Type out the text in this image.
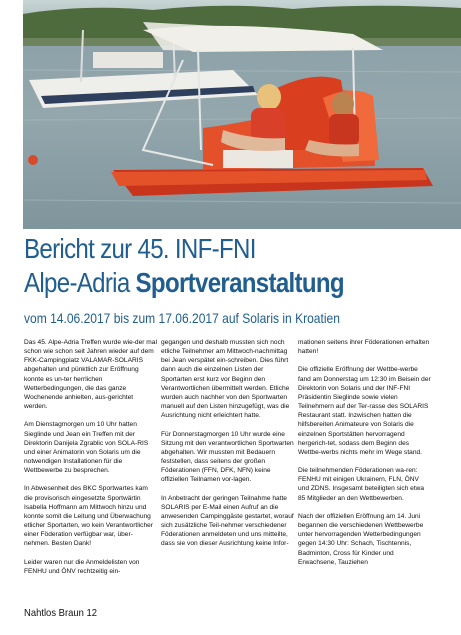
Bericht zur 45. INF-FNI
Alpe-Adria Sportveranstaltung
vom 14.06.2017 bis zum 17.06.2017 auf Solaris in Kroatien

Das 45. Alpe-Adria Treffen wurde wie-der mal schon wie schon seit Jahren wieder auf dem FKK-Campingplatz VALAMAR-SOLARIS abgehalten und pünktlich zur Eröffnung konnte es un-ter herrlichen Wetterbedingungen, die das ganze Wochenende anhielten, aus-gerichtet werden.

Am Dienstagmorgen um 10 Uhr hatten Sieglinde und Jean ein Treffen mit der Direktorin Danijela Zgrablic von SOLA-RIS und einer Animatorin von Solaris um die notwendigen Installationen für die Wettbewerbe zu besprechen.

In Abwesenheit des BKC Sportwartes kam die provisorisch eingesetzte Sportwärtin Isabella Hoffmann am Mittwoch hinzu und konnte somit die Leitung und Überwachung etlicher Sportarten, wo kein Verantwortlicher einer Föderation verfügbar war, über-nehmen. Besten Dank!

Leider waren nur die Anmeldelisten von FENHU und ÖNV rechtzeitig ein-

gegangen und deshalb mussten sich noch etliche Teilnehmer am Mittwoch-nachmittag bei Jean verspätet ein-schreiben. Dies führt dann auch die einzelnen Listen der Sportarten erst kurz vor Beginn den Verantwortlichen übermittelt werden. Etliche wurden auch nachher von den Sportwarten manuell auf den Listen hinzugefügt, was die Ausrichtung nicht erleichtert hatte.

Für Donnerstagmorgen 10 Uhr wurde eine Sitzung mit den verantwortlichen Sportwarten abgehalten. Wir mussten mit Bedauern feststellen, dass seitens der großen Föderationen (FFN, DFK, NFN) keine offiziellen Teilnamen vor-lagen.

In Anbetracht der geringen Teilnahme hatte SOLARIS per E-Mail einen Aufruf an die anwesenden Campinggäste gestartet, worauf sich zusätzliche Teil-nehmer verschiedener Föderationen anmeldeten und uns mitteilte, dass sie von dieser Ausrichtung keine Infor-

mationen seitens ihrer Föderationen erhalten hatten!

Die offizielle Eröffnung der Wettbe-werbe fand am Donnerstag um 12:30 im Beisein der Direktorin von Solaris und der INF-FNI Präsidentin Sieglinde sowie vielen Teilnehmern auf der Ter-rasse des SOLARIS Restaurant statt. Inzwischen hatten die hilfsbereiten Animateure von Solaris die einzelnen Sportstätten hervorragend hergerich-tet, sodass dem Beginn des Wettbe-werbs nichts mehr im Wege stand.

Die teilnehmenden Föderationen wa-ren: FENHU mit einigen Ukrainern, FLN, ÖNV und ZDNS. Insgesamt beteiligten sich etwa 85 Mitglieder an den Wettbewerben.

Nach der offiziellen Eröffnung am 14. Juni begannen die verschiedenen Wettbewerbe unter hervorragenden Wetterbedingungen gegen 14:30 Uhr: Schach, Tischtennis, Badminton, Cross für Kinder und Erwachsene, Tauziehen

Nahtlos Braun 12
